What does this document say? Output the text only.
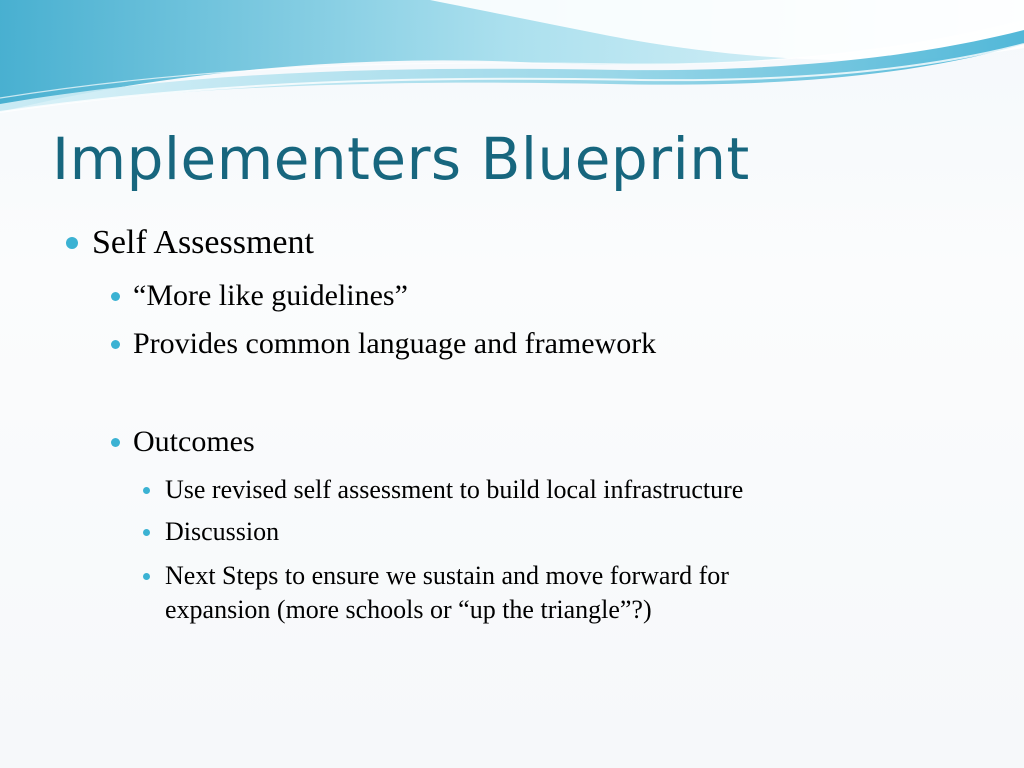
Implementers Blueprint
Self Assessment
“More like guidelines”
Provides common language and framework
Outcomes
Use revised self assessment to build local infrastructure
Discussion
Next Steps to ensure we sustain and move forward for
expansion (more schools or “up the triangle”?)
